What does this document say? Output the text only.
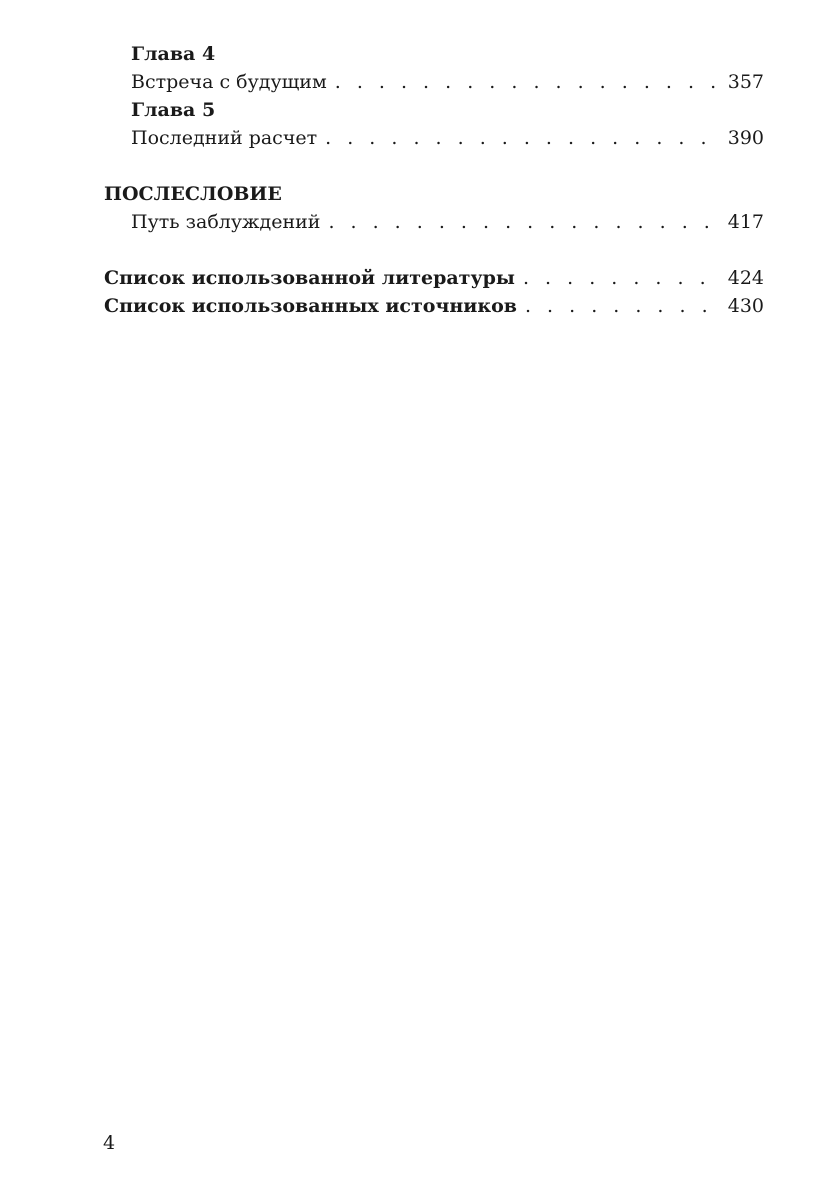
Глава 4
Встреча с будущим . . .	357
Глава 5
Последний расчет . . .	390
ПОСЛЕСЛОВИЕ
Путь заблуждений . . .	417
Список использованной литературы . . .	424
Список использованных источников . . .	430
4
